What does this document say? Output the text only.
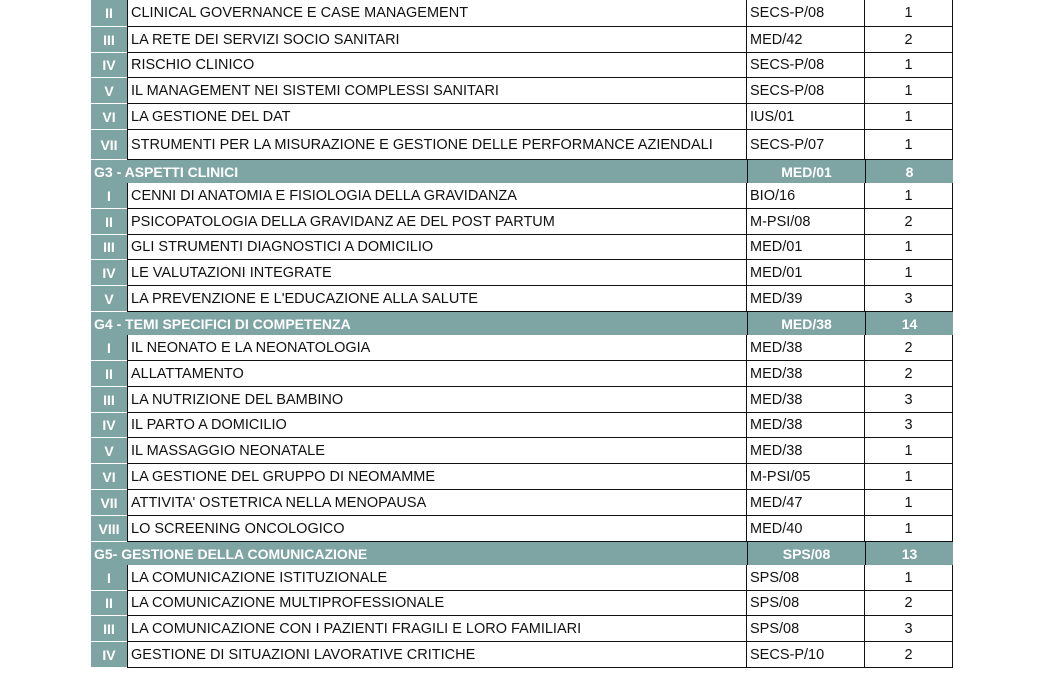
II	CLINICAL GOVERNANCE E CASE MANAGEMENT	SECS-P/08	1
III	LA RETE DEI SERVIZI SOCIO SANITARI	MED/42	2
IV	RISCHIO CLINICO	SECS-P/08	1
V	IL MANAGEMENT NEI SISTEMI COMPLESSI SANITARI	SECS-P/08	1
VI	LA GESTIONE DEL DAT	IUS/01	1
VII STRUMENTI PER LA MISURAZIONE E GESTIONE DELLE PERFORMANCE AZIENDALI	SECS-P/07	1
G3 - ASPETTI CLINICI	MED/01	8
I	CENNI DI ANATOMIA E FISIOLOGIA DELLA GRAVIDANZA	BIO/16	1
II	PSICOPATOLOGIA DELLA GRAVIDANZ AE DEL POST PARTUM	M-PSI/08	2
III	GLI STRUMENTI DIAGNOSTICI A DOMICILIO	MED/01	1
IV	LE VALUTAZIONI INTEGRATE	MED/01	1
V	LA PREVENZIONE E L'EDUCAZIONE ALLA SALUTE	MED/39	3
G4 - TEMI SPECIFICI DI COMPETENZA	MED/38	14
I	IL NEONATO E LA NEONATOLOGIA	MED/38	2
II	ALLATTAMENTO	MED/38	2
III	LA NUTRIZIONE DEL BAMBINO	MED/38	3
IV	IL PARTO A DOMICILIO	MED/38	3
V	IL MASSAGGIO NEONATALE	MED/38	1
VI	LA GESTIONE DEL GRUPPO DI NEOMAMME	M-PSI/05	1
VII ATTIVITA' OSTETRICA NELLA MENOPAUSA	MED/47	1
VIII LO SCREENING ONCOLOGICO	MED/40	1
G5- GESTIONE DELLA COMUNICAZIONE	SPS/08	13
I	LA COMUNICAZIONE ISTITUZIONALE	SPS/08	1
II	LA COMUNICAZIONE MULTIPROFESSIONALE	SPS/08	2
III	LA COMUNICAZIONE CON I PAZIENTI FRAGILI E LORO FAMILIARI	SPS/08	3
IV	GESTIONE DI SITUAZIONI LAVORATIVE CRITICHE	SECS-P/10	2
